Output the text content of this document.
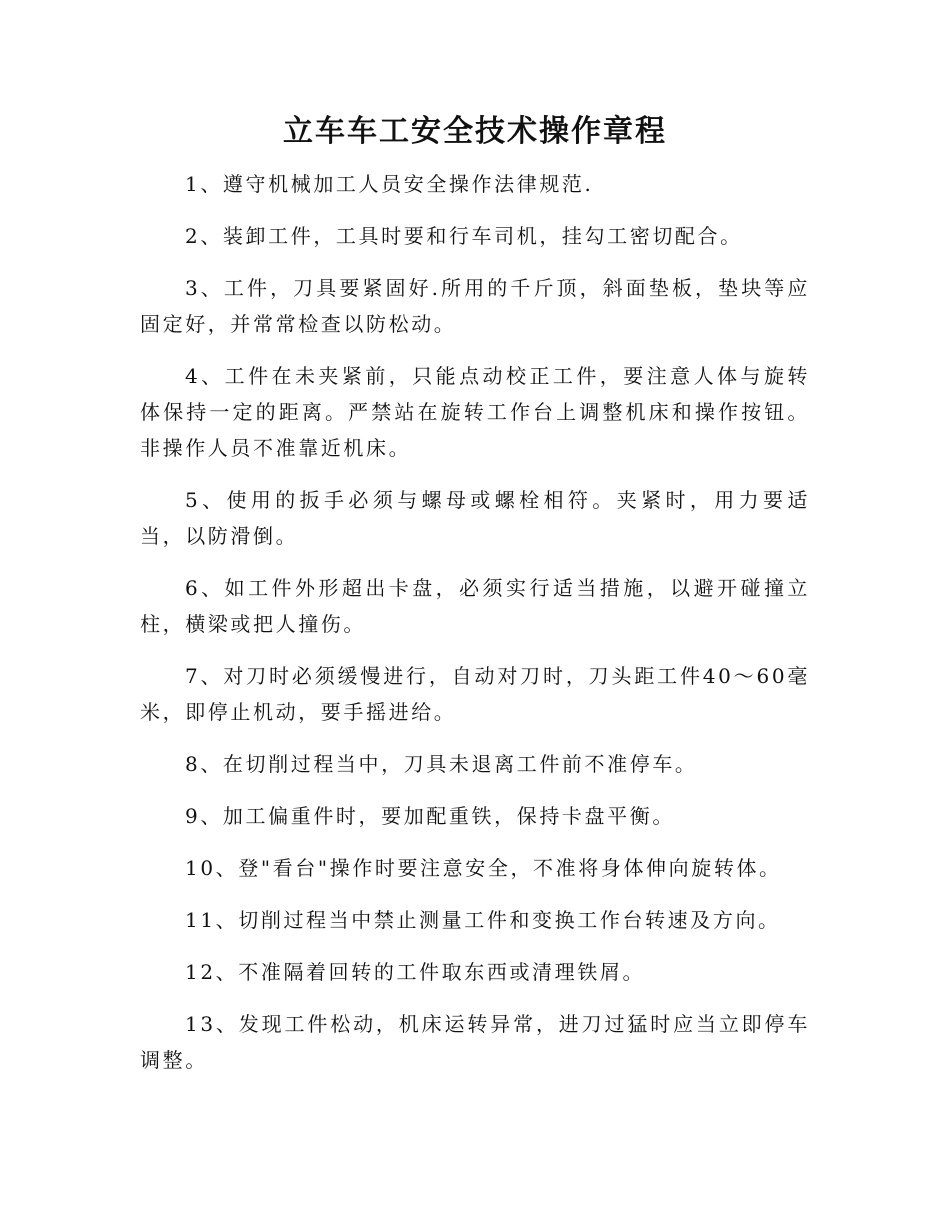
立车车工安全技术操作章程

1、遵守机械加工人员安全操作法律规范.

2、装卸工件，工具时要和行车司机，挂勾工密切配合。

3、工件，刀具要紧固好.所用的千斤顶，斜面垫板，垫块等应固定好，并常常检查以防松动。

4、工件在未夹紧前，只能点动校正工件，要注意人体与旋转体保持一定的距离。严禁站在旋转工作台上调整机床和操作按钮。非操作人员不准靠近机床。

5、使用的扳手必须与螺母或螺栓相符。夹紧时，用力要适当，以防滑倒。

6、如工件外形超出卡盘，必须实行适当措施，以避开碰撞立柱，横梁或把人撞伤。

7、对刀时必须缓慢进行，自动对刀时，刀头距工件40～60毫米，即停止机动，要手摇进给。

8、在切削过程当中，刀具未退离工件前不准停车。

9、加工偏重件时，要加配重铁，保持卡盘平衡。

10、登"看台"操作时要注意安全，不准将身体伸向旋转体。

11、切削过程当中禁止测量工件和变换工作台转速及方向。

12、不准隔着回转的工件取东西或清理铁屑。

13、发现工件松动，机床运转异常，进刀过猛时应当立即停车调整。
